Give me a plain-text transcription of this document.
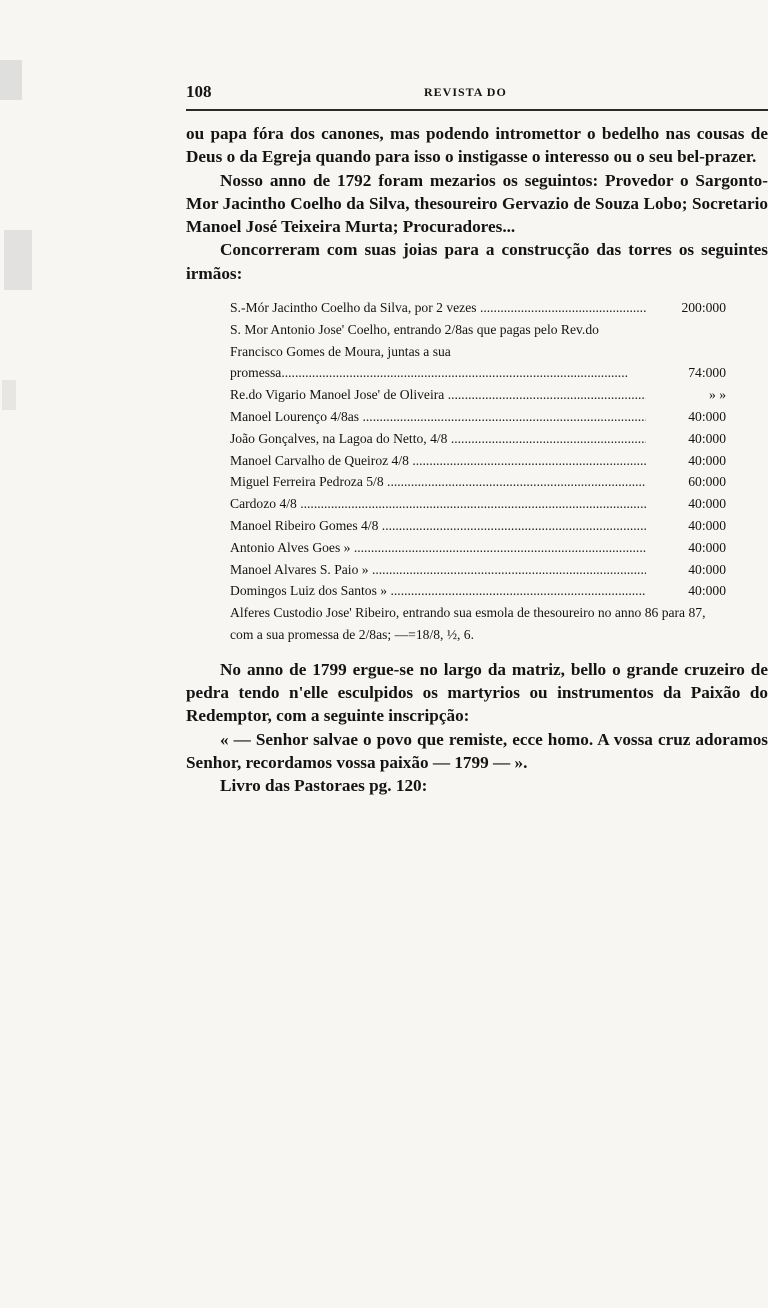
108	REVISTA DO

ou papa fóra dos canones, mas podendo intromettor o bedelho nas cousas de Deus o da Egreja quando para isso o instigasse o interesso ou o seu bel-prazer.

Nosso anno de 1792 foram mezarios os seguintos: Provedor o Sargonto-Mor Jacintho Coelho da Silva, thesoureiro Gervazio de Souza Lobo; Socretario Manoel José Teixeira Murta; Procuradores...

Concorreram com suas joias para a construcção das torres os seguintes irmãos:

S.-Mór Jacintho Coelho da Silva, por 2 vezes .....	200:000
S. Mor Antonio Jose' Coelho, entrando 2/8as que pagas pelo Rev.do Francisco Gomes de Moura, juntas a sua promessa .....	74:000
Re.do Vigario Manoel Jose' de Oliveira .....	» »
Manoel Lourenço 4/8as .....	40:000
João Gonçalves, na Lagoa do Netto, 4/8 .....	40:000
Manoel Carvalho de Queiroz 4/8 .....	40:000
Miguel Ferreira Pedroza 5/8 .....	60:000
Cardozo 4/8 .....	40:000
Manoel Ribeiro Gomes 4/8 .....	40:000
Antonio Alves Goes » .....	40:000
Manoel Alvares S. Paio » .....	40:000
Domingos Luiz dos Santos » .....	40:000
Alferes Custodio Jose' Ribeiro, entrando sua esmola de thesoureiro no anno 86 para 87, com a sua promessa de 2/8as; —=18/8, ½, 6.

No anno de 1799 ergue-se no largo da matriz, bello o grande cruzeiro de pedra tendo n'elle esculpidos os martyrios ou instrumentos da Paixão do Redemptor, com a seguinte inscripção:

« — Senhor salvae o povo que remiste, ecce homo. A vossa cruz adoramos Senhor, recordamos vossa paixão — 1799 — ».

Livro das Pastoraes pg. 120:
